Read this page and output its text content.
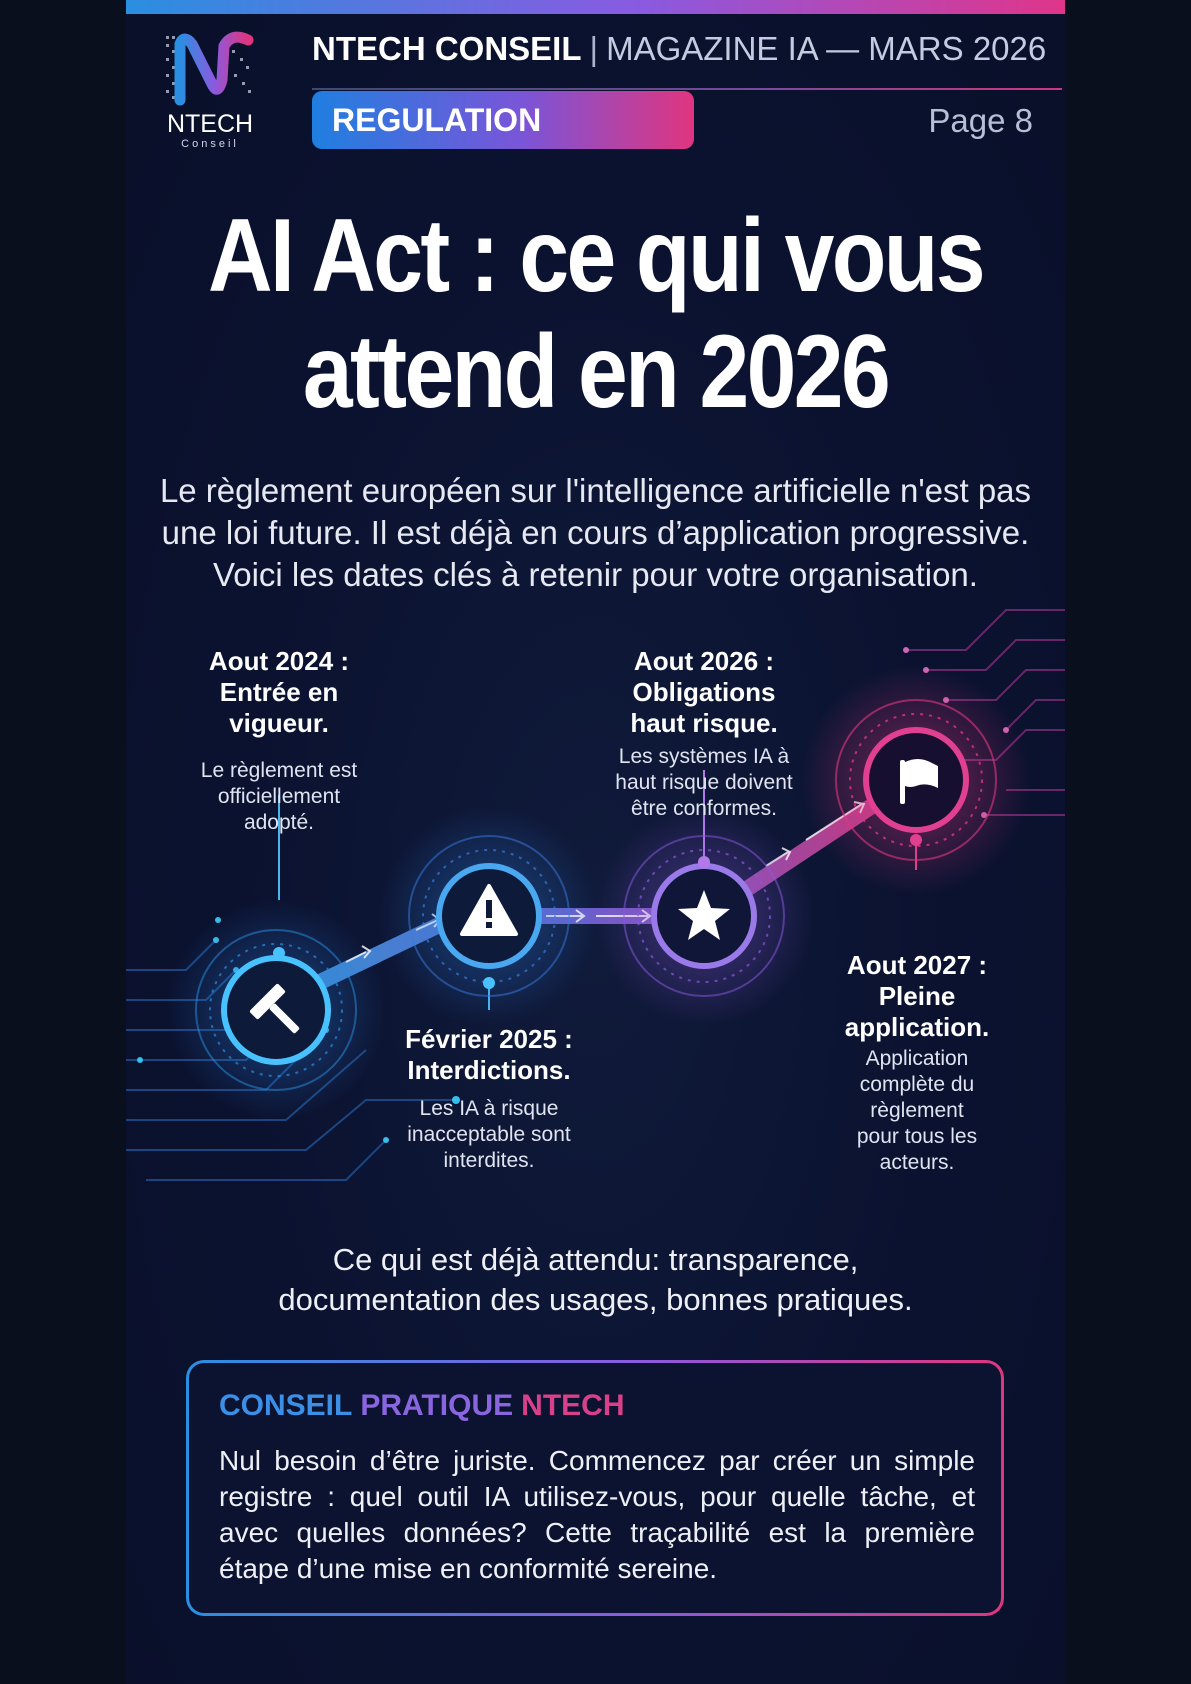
NTECH
Conseil
NTECH CONSEIL | MAGAZINE IA — MARS 2026
REGULATION	Page 8
AI Act : ce qui vous
attend en 2026
Le règlement européen sur l'intelligence artificielle n'est pas
une loi future. Il est déjà en cours d’application progressive.
Voici les dates clés à retenir pour votre organisation.
Aout 2024 :
Entrée en
vigueur.
Le règlement est
officiellement
adopté.
Février 2025 :
Interdictions.
Les IA à risque
inacceptable sont
interdites.
Aout 2026 :
Obligations
haut risque.
Les systèmes IA à
haut risque doivent
être conformes.
Aout 2027 :
Pleine
application.
Application
complète du
règlement
pour tous les
acteurs.
Ce qui est déjà attendu: transparence,
documentation des usages, bonnes pratiques.
CONSEIL PRATIQUE NTECH
Nul besoin d’être juriste. Commencez par créer un simple registre : quel outil IA utilisez-vous, pour quelle tâche, et avec quelles données? Cette traçabilité est la première étape d’une mise en conformité sereine.
